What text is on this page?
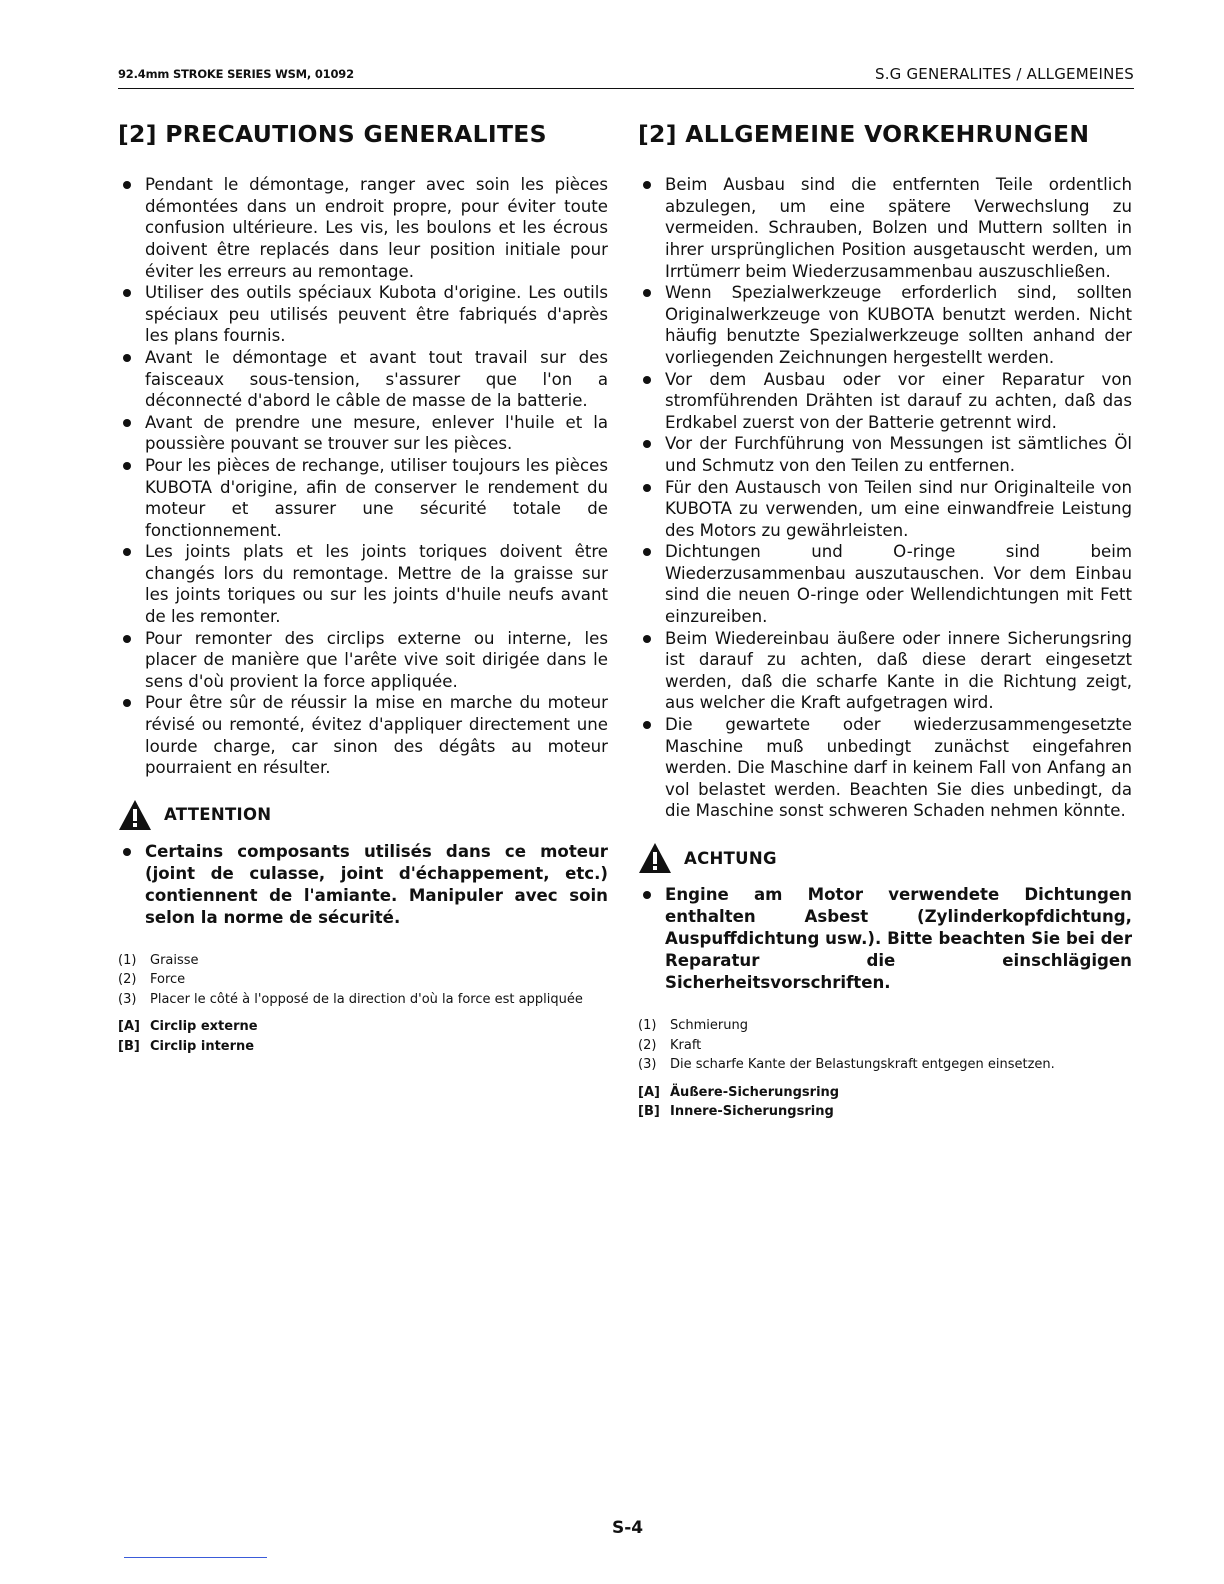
92.4mm STROKE SERIES WSM, 01092	S.G GENERALITES / ALLGEMEINES
[2] PRECAUTIONS GENERALITES
Pendant le démontage, ranger avec soin les pièces démontées dans un endroit propre, pour éviter toute confusion ultérieure. Les vis, les boulons et les écrous doivent être replacés dans leur position initiale pour éviter les erreurs au remontage.
Utiliser des outils spéciaux Kubota d'origine. Les outils spéciaux peu utilisés peuvent être fabriqués d'après les plans fournis.
Avant le démontage et avant tout travail sur des faisceaux sous-tension, s'assurer que l'on a déconnecté d'abord le câble de masse de la batterie.
Avant de prendre une mesure, enlever l'huile et la poussière pouvant se trouver sur les pièces.
Pour les pièces de rechange, utiliser toujours les pièces KUBOTA d'origine, afin de conserver le rendement du moteur et assurer une sécurité totale de fonctionnement.
Les joints plats et les joints toriques doivent être changés lors du remontage. Mettre de la graisse sur les joints toriques ou sur les joints d'huile neufs avant de les remonter.
Pour remonter des circlips externe ou interne, les placer de manière que l'arête vive soit dirigée dans le sens d'où provient la force appliquée.
Pour être sûr de réussir la mise en marche du moteur révisé ou remonté, évitez d'appliquer directement une lourde charge, car sinon des dégâts au moteur pourraient en résulter.
ATTENTION
Certains composants utilisés dans ce moteur (joint de culasse, joint d'échappement, etc.) contiennent de l'amiante. Manipuler avec soin selon la norme de sécurité.
(1)	Graisse
(2)	Force
(3)	Placer le côté à l'opposé de la direction d'où la force est appliquée
[A] Circlip externe
[B] Circlip interne
[2] ALLGEMEINE VORKEHRUNGEN
Beim Ausbau sind die entfernten Teile ordentlich abzulegen, um eine spätere Verwechslung zu vermeiden. Schrauben, Bolzen und Muttern sollten in ihrer ursprünglichen Position ausgetauscht werden, um Irrtümerr beim Wiederzusammenbau auszuschließen.
Wenn Spezialwerkzeuge erforderlich sind, sollten Originalwerkzeuge von KUBOTA benutzt werden. Nicht häufig benutzte Spezialwerkzeuge sollten anhand der vorliegenden Zeichnungen hergestellt werden.
Vor dem Ausbau oder vor einer Reparatur von stromführenden Drähten ist darauf zu achten, daß das Erdkabel zuerst von der Batterie getrennt wird.
Vor der Furchführung von Messungen ist sämtliches Öl und Schmutz von den Teilen zu entfernen.
Für den Austausch von Teilen sind nur Originalteile von KUBOTA zu verwenden, um eine einwandfreie Leistung des Motors zu gewährleisten.
Dichtungen und O-ringe sind beim Wiederzusammenbau auszutauschen. Vor dem Einbau sind die neuen O-ringe oder Wellendichtungen mit Fett einzureiben.
Beim Wiedereinbau äußere oder innere Sicherungsring ist darauf zu achten, daß diese derart eingesetzt werden, daß die scharfe Kante in die Richtung zeigt, aus welcher die Kraft aufgetragen wird.
Die gewartete oder wiederzusammengesetzte Maschine muß unbedingt zunächst eingefahren werden. Die Maschine darf in keinem Fall von Anfang an vol belastet werden. Beachten Sie dies unbedingt, da die Maschine sonst schweren Schaden nehmen könnte.
ACHTUNG
Engine am Motor verwendete Dichtungen enthalten Asbest (Zylinderkopfdichtung, Auspuffdichtung usw.). Bitte beachten Sie bei der Reparatur die einschlägigen Sicherheitsvorschriften.
(1)	Schmierung
(2)	Kraft
(3)	Die scharfe Kante der Belastungskraft entgegen einsetzen.
[A] Äußere-Sicherungsring
[B] Innere-Sicherungsring
S-4
